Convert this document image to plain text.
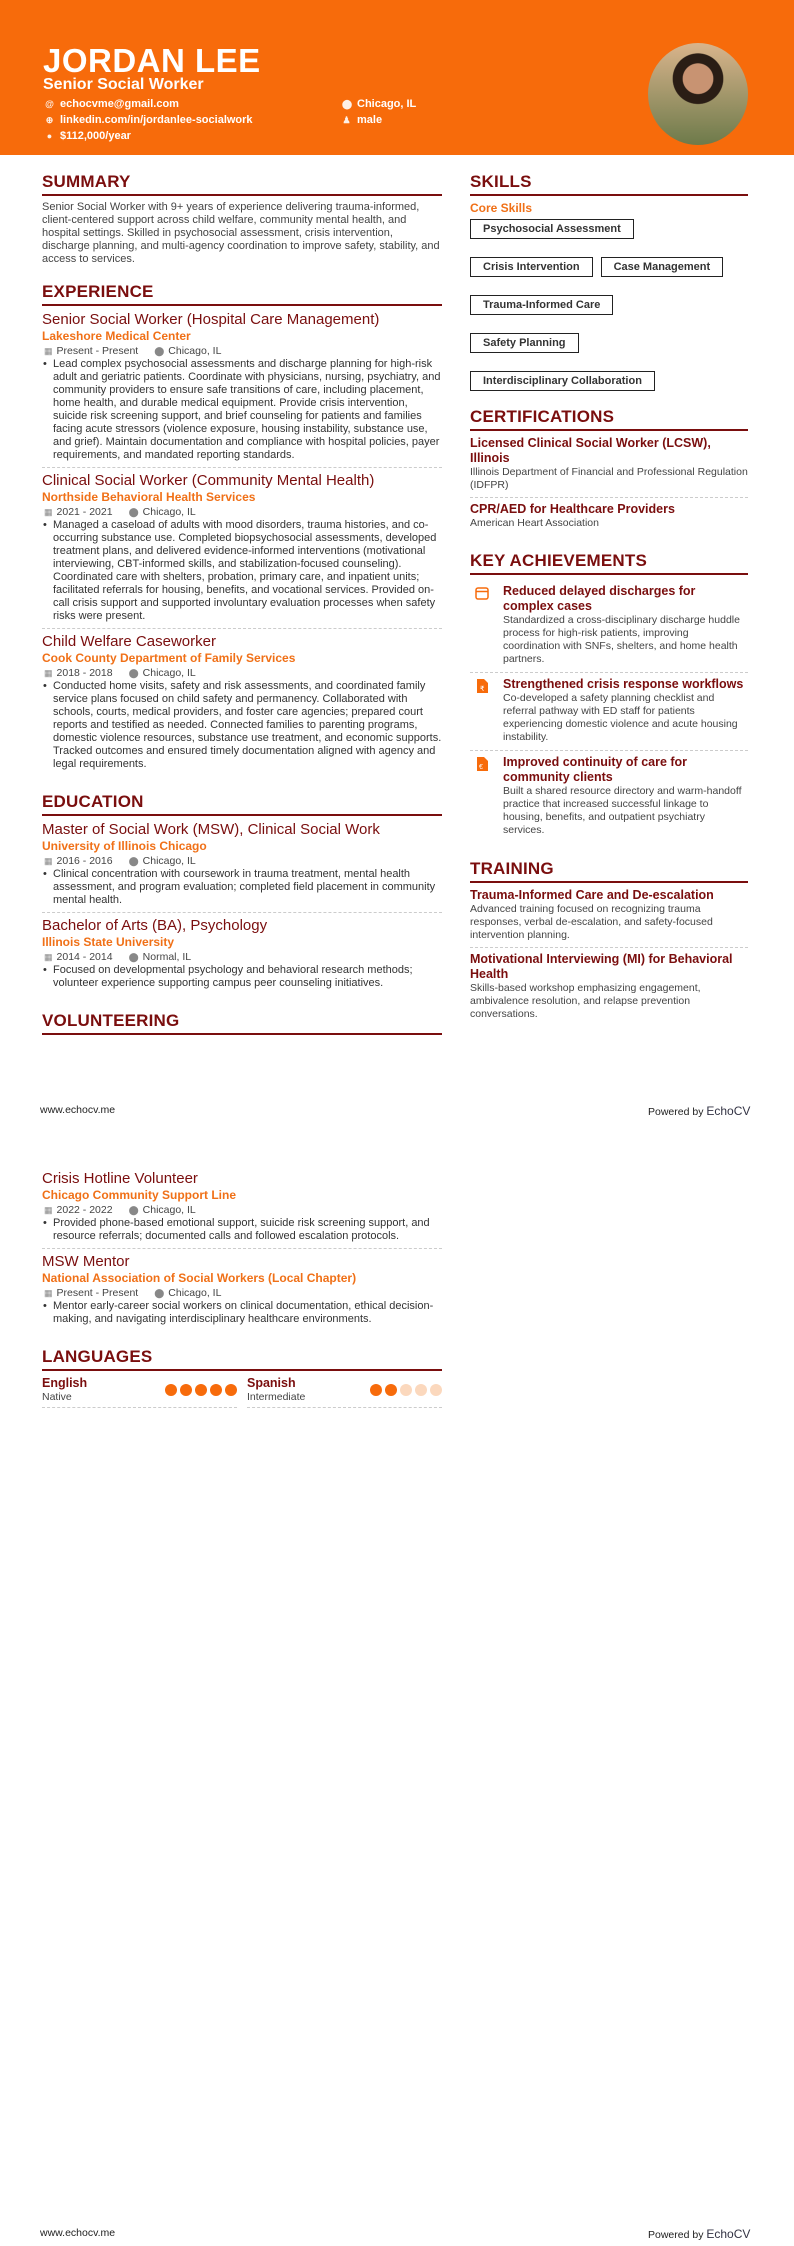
JORDAN LEE
Senior Social Worker
@ echocvme@gmail.com
⊕ linkedin.com/in/jordanlee-socialwork
● $112,000/year
⬤ Chicago, IL
♟ male
SUMMARY

Senior Social Worker with 9+ years of experience delivering trauma-informed, client-centered support across child welfare, community mental health, and hospital settings. Skilled in psychosocial assessment, crisis intervention, discharge planning, and multi-agency coordination to improve safety, stability, and access to services.

EXPERIENCE
Senior Social Worker (Hospital Care Management)
Lakeshore Medical Center
▦ Present - Present ⬤ Chicago, IL
• Lead complex psychosocial assessments and discharge planning for high-risk adult and geriatric patients. Coordinate with physicians, nursing, psychiatry, and community providers to ensure safe transitions of care, including placement, home health, and durable medical equipment. Provide crisis intervention, suicide risk screening support, and brief counseling for patients and families facing acute stressors (violence exposure, housing instability, substance use, and grief). Maintain documentation and compliance with hospital policies, payer requirements, and mandated reporting standards.
Clinical Social Worker (Community Mental Health)
Northside Behavioral Health Services
▦ 2021 - 2021 ⬤ Chicago, IL
• Managed a caseload of adults with mood disorders, trauma histories, and co-occurring substance use. Completed biopsychosocial assessments, developed treatment plans, and delivered evidence-informed interventions (motivational interviewing, CBT-informed skills, and stabilization-focused counseling). Coordinated care with shelters, probation, primary care, and inpatient units; facilitated referrals for housing, benefits, and vocational services. Provided on-call crisis support and supported involuntary evaluation processes when safety risks were present.
Child Welfare Caseworker
Cook County Department of Family Services
▦ 2018 - 2018 ⬤ Chicago, IL
• Conducted home visits, safety and risk assessments, and coordinated family service plans focused on child safety and permanency. Collaborated with schools, courts, medical providers, and foster care agencies; prepared court reports and testified as needed. Connected families to parenting programs, domestic violence resources, substance use treatment, and economic supports. Tracked outcomes and ensured timely documentation aligned with agency and legal requirements.
EDUCATION
Master of Social Work (MSW), Clinical Social Work
University of Illinois Chicago
▦ 2016 - 2016 ⬤ Chicago, IL
• Clinical concentration with coursework in trauma treatment, mental health assessment, and program evaluation; completed field placement in community mental health.
Bachelor of Arts (BA), Psychology
Illinois State University
▦ 2014 - 2014 ⬤ Normal, IL
• Focused on developmental psychology and behavioral research methods; volunteer experience supporting campus peer counseling initiatives.
VOLUNTEERING
SKILLS
Core Skills
Psychosocial Assessment
Crisis Intervention	Case Management
Trauma-Informed Care
Safety Planning
Interdisciplinary Collaboration
CERTIFICATIONS
Licensed Clinical Social Worker (LCSW), Illinois
Illinois Department of Financial and Professional Regulation (IDFPR)
CPR/AED for Healthcare Providers
American Heart Association
KEY ACHIEVEMENTS
Reduced delayed discharges for complex cases
Standardized a cross-disciplinary discharge huddle process for high-risk patients, improving coordination with SNFs, shelters, and home health partners.
₹ Strengthened crisis response workflows
Co-developed a safety planning checklist and referral pathway with ED staff for patients experiencing domestic violence and acute housing instability.
€ Improved continuity of care for community clients
Built a shared resource directory and warm-handoff practice that increased successful linkage to housing, benefits, and outpatient psychiatry services.
TRAINING
Trauma-Informed Care and De-escalation
Advanced training focused on recognizing trauma responses, verbal de-escalation, and safety-focused intervention planning.
Motivational Interviewing (MI) for Behavioral Health
Skills-based workshop emphasizing engagement, ambivalence resolution, and relapse prevention conversations.
www.echocv.me	Powered by EchoCV
Crisis Hotline Volunteer
Chicago Community Support Line
▦ 2022 - 2022 ⬤ Chicago, IL
• Provided phone-based emotional support, suicide risk screening support, and resource referrals; documented calls and followed escalation protocols.
MSW Mentor
National Association of Social Workers (Local Chapter)
▦ Present - Present ⬤ Chicago, IL
• Mentor early-career social workers on clinical documentation, ethical decision-making, and navigating interdisciplinary healthcare environments.
LANGUAGES
English
Native
Spanish
Intermediate
www.echocv.me	Powered by EchoCV
